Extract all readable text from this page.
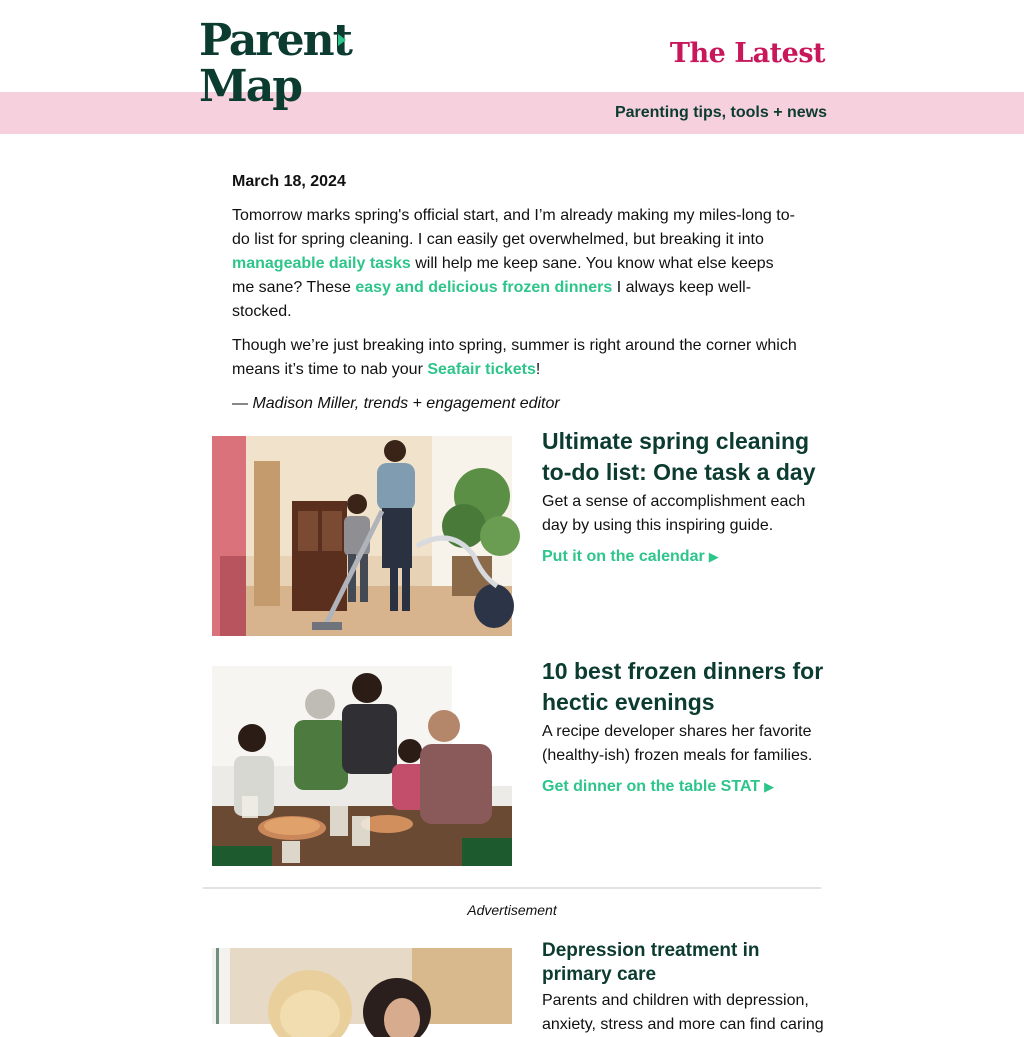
Parent
Map
The Latest
Parenting tips, tools + news
March 18, 2024

Tomorrow marks spring's official start, and I’m already making my miles-long to-do list for spring cleaning. I can easily get overwhelmed, but breaking it into manageable daily tasks will help me keep sane. You know what else keeps me sane? These easy and delicious frozen dinners I always keep well-stocked.

Though we’re just breaking into spring, summer is right around the corner which means it’s time to nab your Seafair tickets!

— Madison Miller, trends + engagement editor

Ultimate spring cleaning to-do list: One task a day
Get a sense of accomplishment each day by using this inspiring guide.
Put it on the calendar ▶
10 best frozen dinners for hectic evenings
A recipe developer shares her favorite (healthy-ish) frozen meals for families.
Get dinner on the table STAT ▶
Advertisement
Depression treatment in primary care
Parents and children with depression, anxiety, stress and more can find caring
